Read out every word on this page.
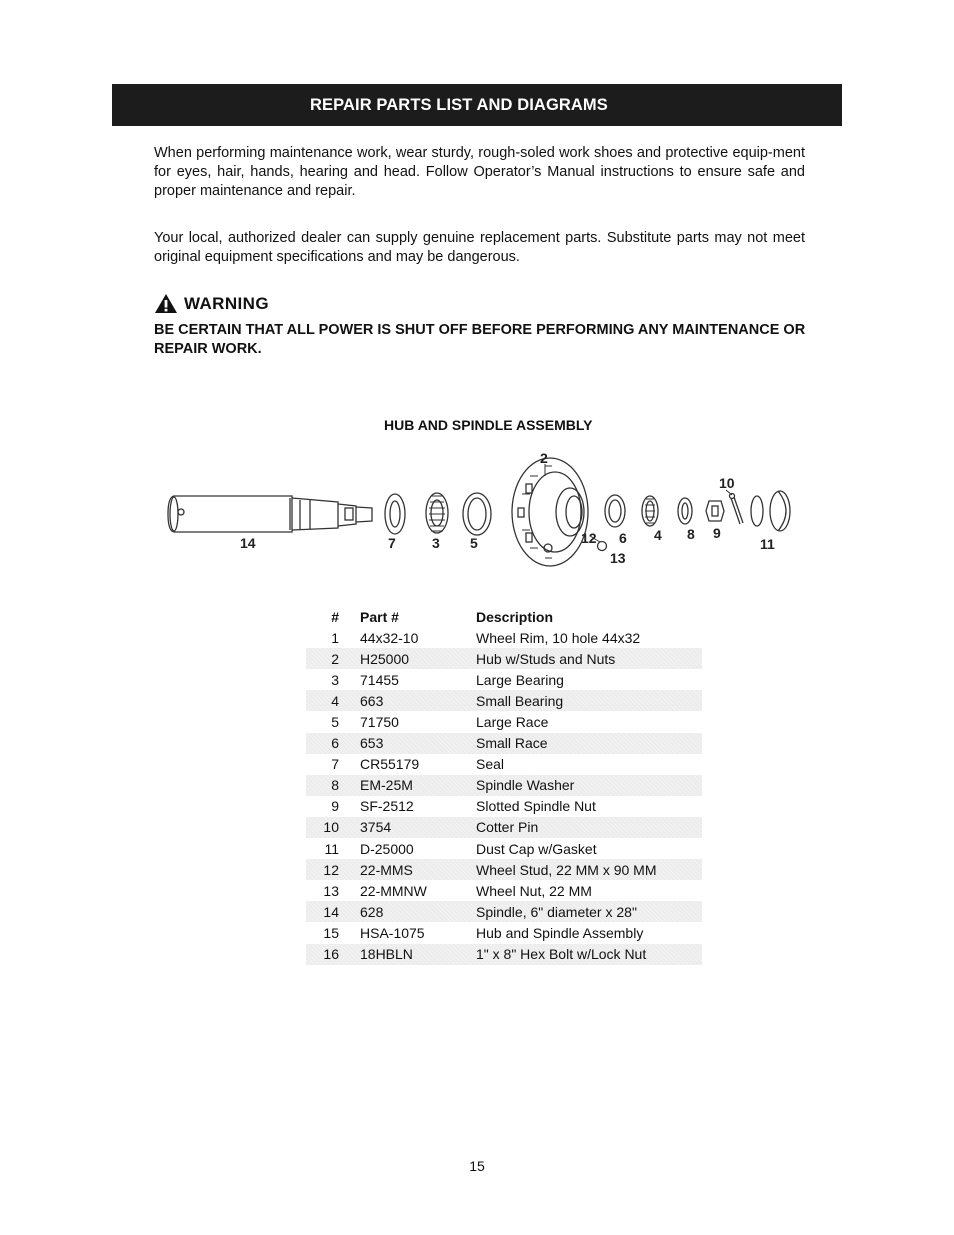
REPAIR PARTS LIST AND DIAGRAMS

When performing maintenance work, wear sturdy, rough-soled work shoes and protective equip-ment for eyes, hair, hands, hearing and head. Follow Operator’s Manual instructions to ensure safe and proper maintenance and repair.

Your local, authorized dealer can supply genuine replacement parts. Substitute parts may not meet original equipment specifications and may be dangerous.

WARNING
BE CERTAIN THAT ALL POWER IS SHUT OFF BEFORE PERFORMING ANY MAINTENANCE OR REPAIR WORK.
HUB AND SPINDLE ASSEMBLY
14	7	3 5
2
12
13
6 4 8 9
10
11
# Part #	Description
1 44x32-10	Wheel Rim, 10 hole 44x32
2 H25000	Hub w/Studs and Nuts
3 71455	Large Bearing
4 663	Small Bearing
5 71750	Large Race
6 653	Small Race
7 CR55179	Seal
8 EM-25M	Spindle Washer
9 SF-2512	Slotted Spindle Nut
10 3754	Cotter Pin
11 D-25000	Dust Cap w/Gasket
12 22-MMS	Wheel Stud, 22 MM x 90 MM
13 22-MMNW	Wheel Nut, 22 MM
14 628	Spindle, 6" diameter x 28"
15 HSA-1075	Hub and Spindle Assembly
16 18HBLN	1" x 8" Hex Bolt w/Lock Nut
15
